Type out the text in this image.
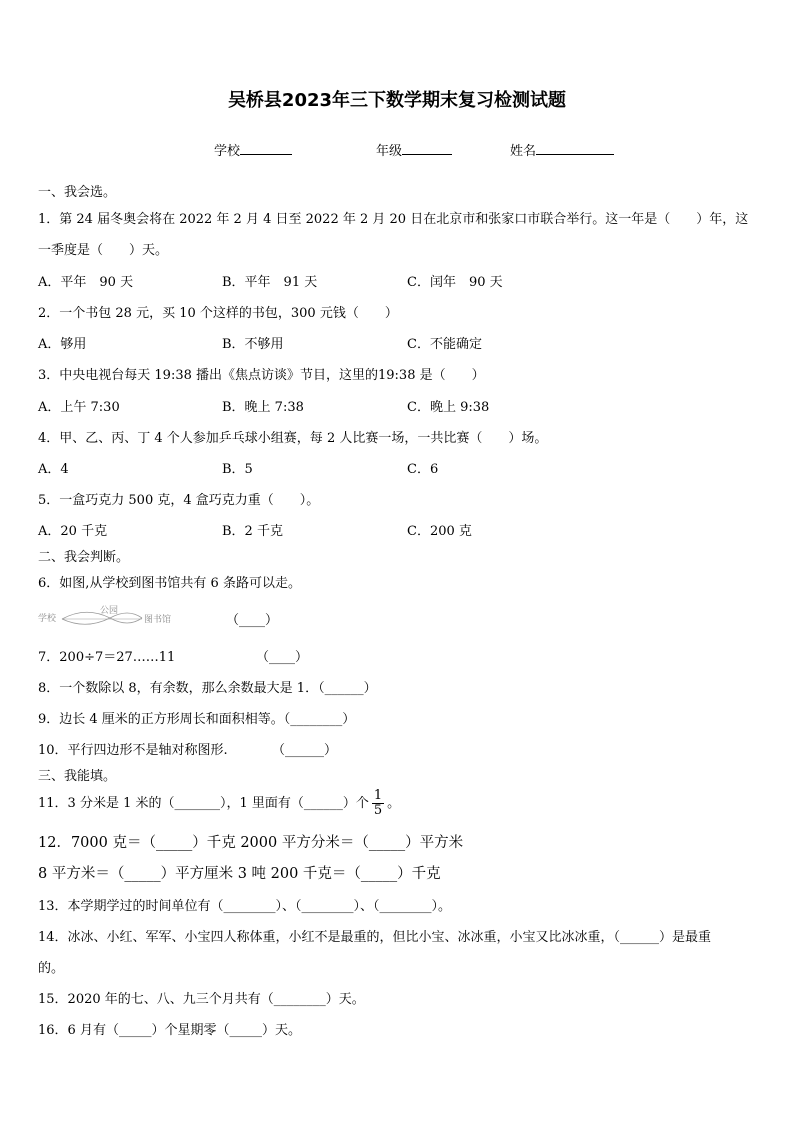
吴桥县2023年三下数学期末复习检测试题
学校	年级	姓名
一、我会选。
1．第 24 届冬奥会将在 2022 年 2 月 4 日至 2022 年 2 月 20 日在北京市和张家口市联合举行。这一年是（　　）年，这
一季度是（　　）天。
A．平年　90 天	B．平年　91 天	C．闰年　90 天
2．一个书包 28 元，买 10 个这样的书包，300 元钱（　　）
A．够用	B．不够用	C．不能确定
3．中央电视台每天 19:38 播出《焦点访谈》节目，这里的19:38 是（　　）
A．上午 7:30	B．晚上 7:38	C．晚上 9:38
4．甲、乙、丙、丁 4 个人参加乒乓球小组赛，每 2 人比赛一场，一共比赛（　　）场。
A．4	B．5	C．6
5．一盒巧克力 500 克，4 盒巧克力重（　　）。
A．20 千克	B．2 千克	C．200 克
二、我会判断。
6．如图,从学校到图书馆共有 6 条路可以走。
学校
公园
图书馆	（____）
7．200÷7＝27……11	（____）
8．一个数除以 8，有余数，那么余数最大是 1．（______）
9．边长 4 厘米的正方形周长和面积相等。（________）
10．平行四边形不是轴对称图形.	（______）
三、我能填。
11．3 分米是 1 米的（_______），1 里面有（______）个 $\frac{1}{5}$ 。
12．7000 克＝（_____）千克 2000 平方分米＝（_____）平方米
8 平方米＝（_____）平方厘米 3 吨 200 千克＝（_____）千克
13．本学期学过的时间单位有（________）、（________）、（________）。
14．冰冰、小红、军军、小宝四人称体重，小红不是最重的，但比小宝、冰冰重，小宝又比冰冰重，（______）是最重
的。
15．2020 年的七、八、九三个月共有（________）天。
16．6 月有（_____）个星期零（_____）天。
